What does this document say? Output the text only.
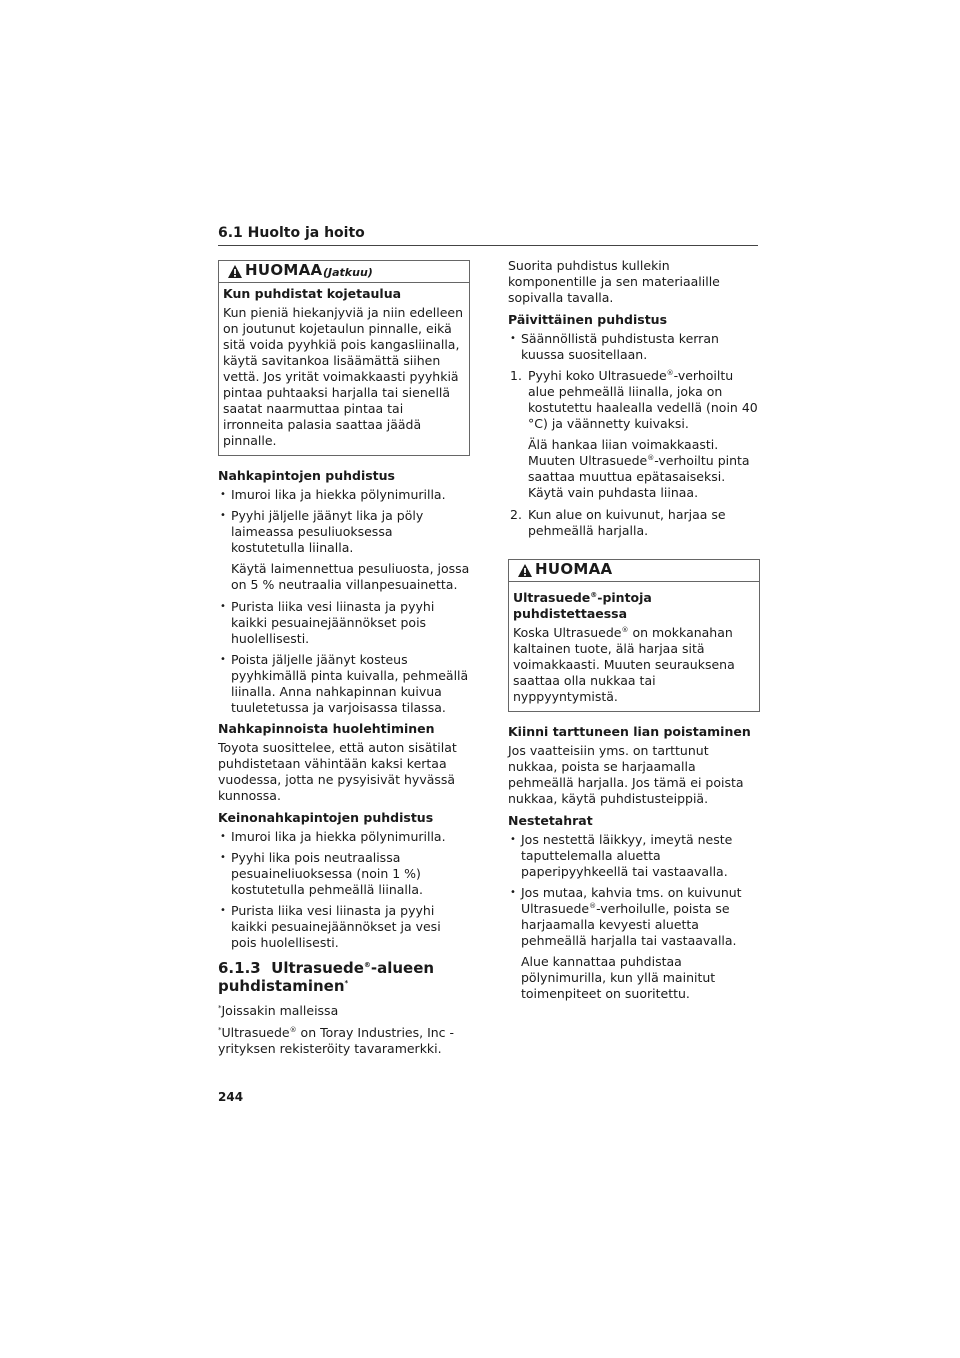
6.1 Huolto ja hoito
HUOMAA (Jatkuu)
Kun puhdistat kojetaulua
Kun pieniä hiekanjyviä ja niin edelleen on joutunut kojetaulun pinnalle, eikä sitä voida pyyhkiä pois kangasliinalla, käytä savitankoa lisäämättä siihen vettä. Jos yrität voimakkaasti pyyhkiä pintaa puhtaaksi harjalla tai sienellä saatat naarmuttaa pintaa tai irronneita palasia saattaa jäädä pinnalle.
Nahkapintojen puhdistus
• Imuroi lika ja hiekka pölynimurilla.
• Pyyhi jäljelle jäänyt lika ja pöly laimeassa pesuliuoksessa kostutetulla liinalla.
Käytä laimennettua pesuliuosta, jossa on 5 % neutraalia villanpesuainetta.
• Purista liika vesi liinasta ja pyyhi kaikki pesuainejäännökset pois huolellisesti.
• Poista jäljelle jäänyt kosteus pyyhkimällä pinta kuivalla, pehmeällä liinalla. Anna nahkapinnan kuivua tuuletetussa ja varjoisassa tilassa.
Nahkapinnoista huolehtiminen

Toyota suosittelee, että auton sisätilat puhdistetaan vähintään kaksi kertaa vuodessa, jotta ne pysyisivät hyvässä kunnossa.

Keinonahkapintojen puhdistus
• Imuroi lika ja hiekka pölynimurilla.
• Pyyhi lika pois neutraalissa pesuaineliuoksessa (noin 1 %) kostutetulla pehmeällä liinalla.
• Purista liika vesi liinasta ja pyyhi kaikki pesuainejäännökset ja vesi pois huolellisesti.
6.1.3 Ultrasuede®-alueen
puhdistaminen*

*Joissakin malleissa

*Ultrasuede® on Toray Industries, Inc -yrityksen rekisteröity tavaramerkki.

Suorita puhdistus kullekin komponentille ja sen materiaalille sopivalla tavalla.

Päivittäinen puhdistus
• Säännöllistä puhdistusta kerran kuussa suositellaan.
1. Pyyhi koko Ultrasuede®-verhoiltu alue pehmeällä liinalla, joka on kostutettu haalealla vedellä (noin 40 °C) ja väännetty kuivaksi.
Älä hankaa liian voimakkaasti. Muuten Ultrasuede®-verhoiltu pinta saattaa muuttua epätasaiseksi. Käytä vain puhdasta liinaa.
2. Kun alue on kuivunut, harjaa se pehmeällä harjalla.
HUOMAA
Ultrasuede®-pintoja puhdistettaessa
Koska Ultrasuede® on mokkanahan kaltainen tuote, älä harjaa sitä voimakkaasti. Muuten seurauksena saattaa olla nukkaa tai nyppyyntymistä.
Kiinni tarttuneen lian poistaminen

Jos vaatteisiin yms. on tarttunut nukkaa, poista se harjaamalla pehmeällä harjalla. Jos tämä ei poista nukkaa, käytä puhdistusteippiä.

Nestetahrat
• Jos nestettä läikkyy, imeytä neste taputtelemalla aluetta paperipyyhkeellä tai vastaavalla.
• Jos mutaa, kahvia tms. on kuivunut Ultrasuede®-verhoilulle, poista se harjaamalla kevyesti aluetta pehmeällä harjalla tai vastaavalla.
Alue kannattaa puhdistaa pölynimurilla, kun yllä mainitut toimenpiteet on suoritettu.
244
